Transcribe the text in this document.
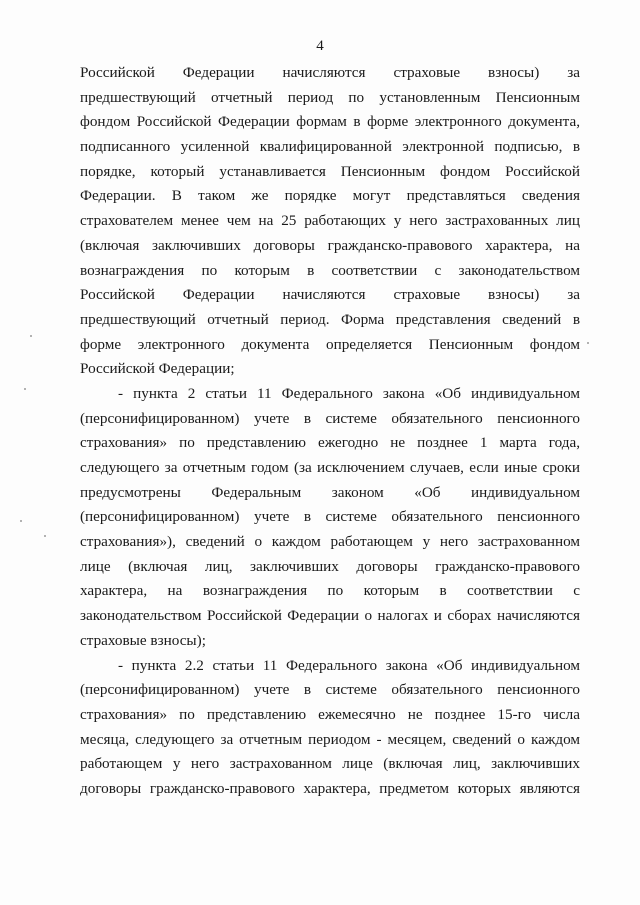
4
Российской Федерации начисляются страховые взносы) за
предшествующий отчетный период по установленным Пенсионным
фондом Российской Федерации формам в форме электронного документа,
подписанного усиленной квалифицированной электронной подписью, в
порядке, который устанавливается Пенсионным фондом Российской
Федерации. В таком же порядке могут представляться сведения
страхователем менее чем на 25 работающих у него застрахованных лиц
(включая заключивших договоры гражданско-правового характера, на
вознаграждения по которым в соответствии с законодательством
Российской Федерации начисляются страховые взносы) за
предшествующий отчетный период. Форма представления сведений в
форме электронного документа определяется Пенсионным фондом
Российской Федерации;
- пункта 2 статьи 11 Федерального закона «Об индивидуальном
(персонифицированном) учете в системе обязательного пенсионного
страхования» по представлению ежегодно не позднее 1 марта года,
следующего за отчетным годом (за исключением случаев, если иные сроки
предусмотрены Федеральным законом «Об индивидуальном
(персонифицированном) учете в системе обязательного пенсионного
страхования»), сведений о каждом работающем у него застрахованном
лице (включая лиц, заключивших договоры гражданско-правового
характера, на вознаграждения по которым в соответствии с
законодательством Российской Федерации о налогах и сборах начисляются
страховые взносы);
- пункта 2.2 статьи 11 Федерального закона «Об индивидуальном
(персонифицированном) учете в системе обязательного пенсионного
страхования» по представлению ежемесячно не позднее 15-го числа
месяца, следующего за отчетным периодом - месяцем, сведений о каждом
работающем у него застрахованном лице (включая лиц, заключивших
договоры гражданско-правового характера, предметом которых являются
